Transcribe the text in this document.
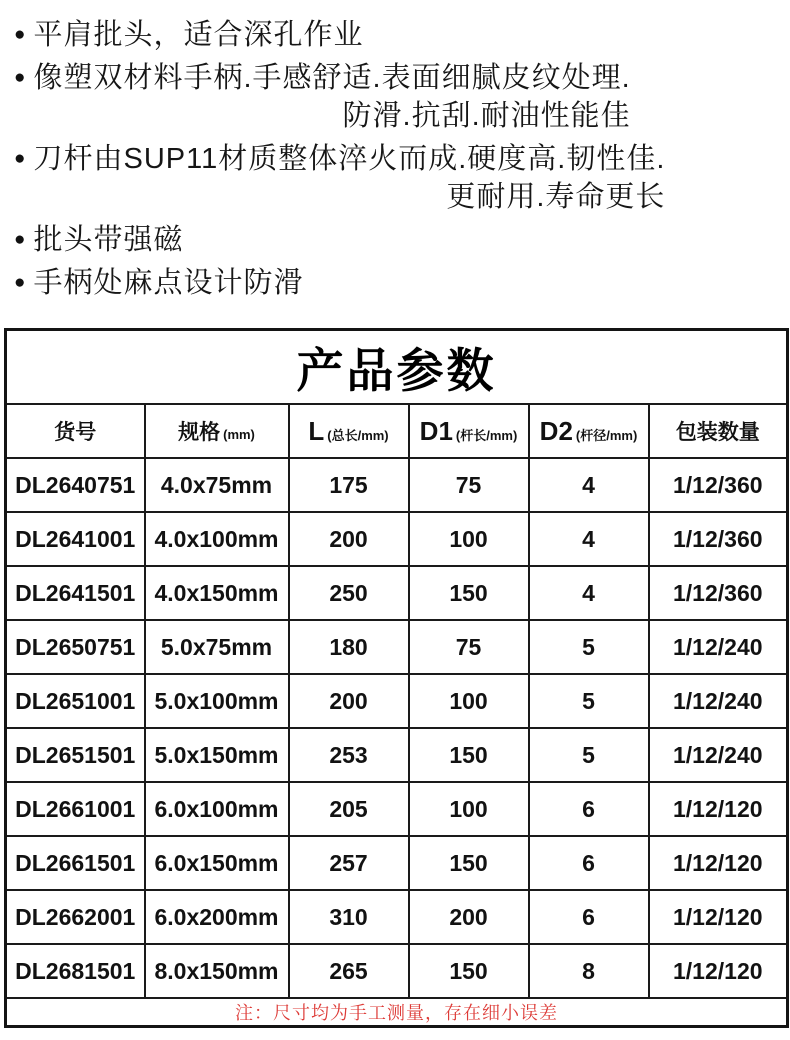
● 平肩批头，适合深孔作业
● 像塑双材料手柄.手感舒适.表面细腻皮纹处理.
防滑.抗刮.耐油性能佳
● 刀杆由SUP11材质整体淬火而成.硬度高.韧性佳.
更耐用.寿命更长
● 批头带强磁
● 手柄处麻点设计防滑
产品参数					
货号	规格 (mm)	L (总长/mm)	D1 (杆长/mm)	D2 (杆径/mm)	包装数量
DL2640751	4.0x75mm	175	75	4	1/12/360
DL2641001	4.0x100mm	200	100	4	1/12/360
DL2641501	4.0x150mm	250	150	4	1/12/360
DL2650751	5.0x75mm	180	75	5	1/12/240
DL2651001	5.0x100mm	200	100	5	1/12/240
DL2651501	5.0x150mm	253	150	5	1/12/240
DL2661001	6.0x100mm	205	100	6	1/12/120
DL2661501	6.0x150mm	257	150	6	1/12/120
DL2662001	6.0x200mm	310	200	6	1/12/120
DL2681501	8.0x150mm	265	150	8	1/12/120
注：尺寸均为手工测量，存在细小误差					
